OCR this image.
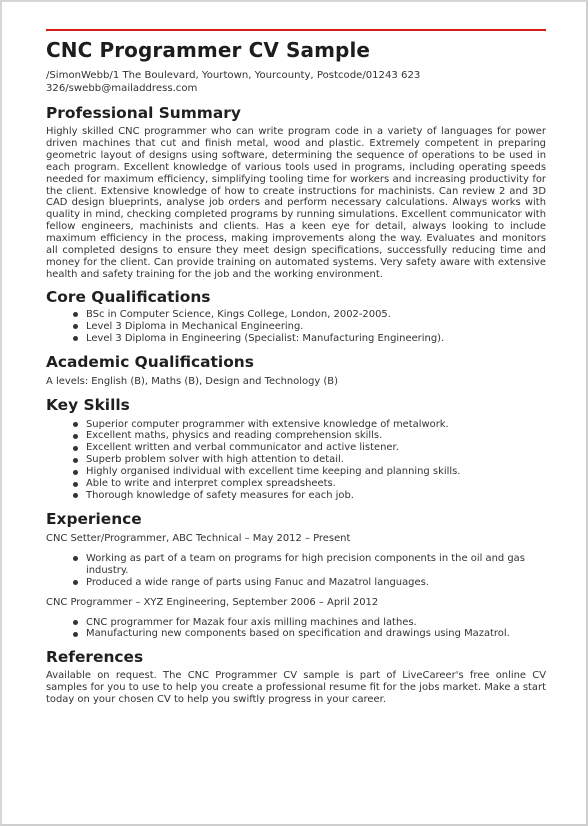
CNC Programmer CV Sample
/SimonWebb/1 The Boulevard, Yourtown, Yourcounty, Postcode/01243 623
326/swebb@mailaddress.com
Professional Summary

Highly skilled CNC programmer who can write program code in a variety of languages for power driven machines that cut and finish metal, wood and plastic. Extremely competent in preparing geometric layout of designs using software, determining the sequence of operations to be used in each program. Excellent knowledge of various tools used in programs, including operating speeds needed for maximum efficiency, simplifying tooling time for workers and increasing productivity for the client. Extensive knowledge of how to create instructions for machinists. Can review 2 and 3D CAD design blueprints, analyse job orders and perform necessary calculations. Always works with quality in mind, checking completed programs by running simulations. Excellent communicator with fellow engineers, machinists and clients. Has a keen eye for detail, always looking to include maximum efficiency in the process, making improvements along the way. Evaluates and monitors all completed designs to ensure they meet design specifications, successfully reducing time and money for the client. Can provide training on automated systems. Very safety aware with extensive health and safety training for the job and the working environment.

Core Qualifications
BSc in Computer Science, Kings College, London, 2002-2005.
Level 3 Diploma in Mechanical Engineering.
Level 3 Diploma in Engineering (Specialist: Manufacturing Engineering).
Academic Qualifications
A levels: English (B), Maths (B), Design and Technology (B)
Key Skills
Superior computer programmer with extensive knowledge of metalwork.
Excellent maths, physics and reading comprehension skills.
Excellent written and verbal communicator and active listener.
Superb problem solver with high attention to detail.
Highly organised individual with excellent time keeping and planning skills.
Able to write and interpret complex spreadsheets.
Thorough knowledge of safety measures for each job.
Experience
CNC Setter/Programmer, ABC Technical – May 2012 – Present
Working as part of a team on programs for high precision components in the oil and gas industry.
Produced a wide range of parts using Fanuc and Mazatrol languages.
CNC Programmer – XYZ Engineering, September 2006 – April 2012
CNC programmer for Mazak four axis milling machines and lathes.
Manufacturing new components based on specification and drawings using Mazatrol.
References

Available on request. The CNC Programmer CV sample is part of LiveCareer's free online CV samples for you to use to help you create a professional resume fit for the jobs market. Make a start today on your chosen CV to help you swiftly progress in your career.
